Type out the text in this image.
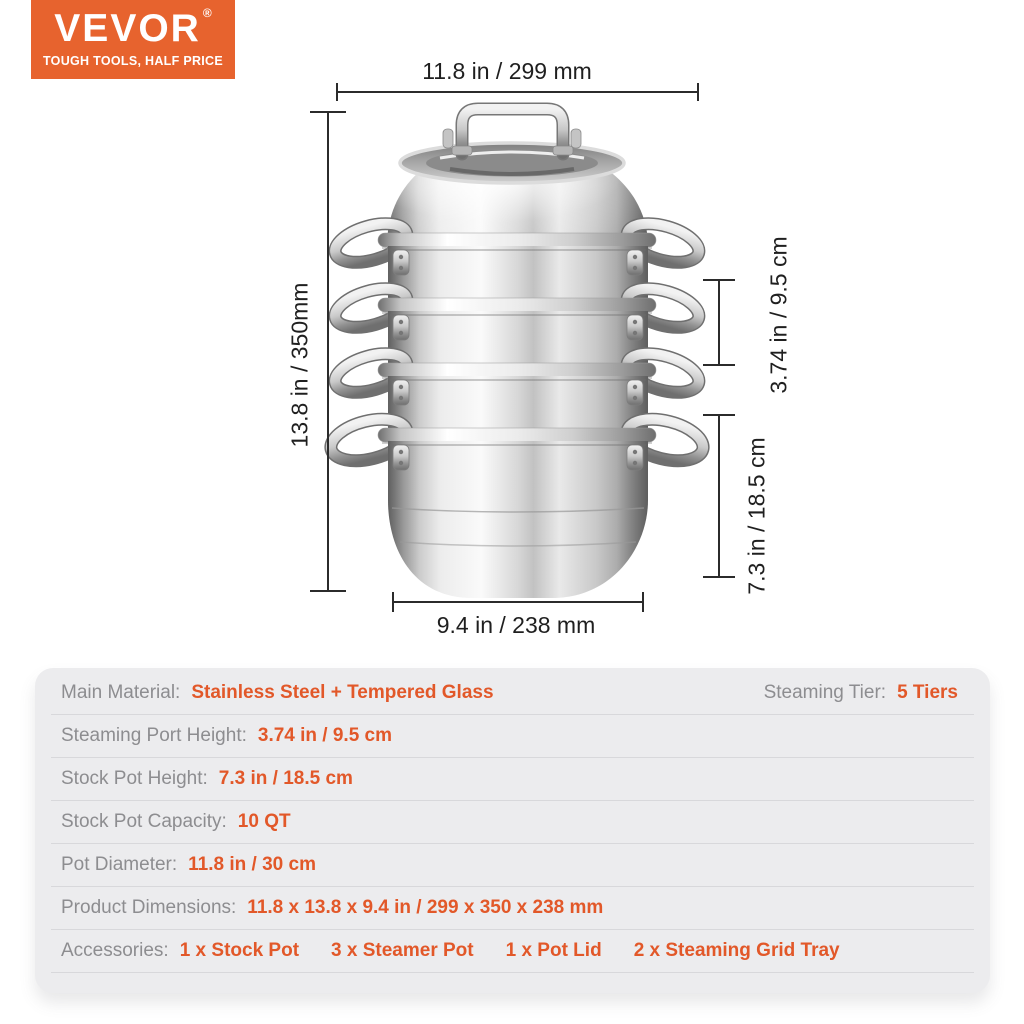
VEVOR ®
TOUGH TOOLS, HALF PRICE	11.8 in / 299 mm
13.8 in / 350mm	3.74 in / 9.5 cm
7.3 in / 18.5 cm
9.4 in / 238 mm
Main Material: Stainless Steel + Tempered Glass	Steaming Tier: 5 Tiers
Steaming Port Height: 3.74 in / 9.5 cm
Stock Pot Height: 7.3 in / 18.5 cm
Stock Pot Capacity: 10 QT
Pot Diameter: 11.8 in / 30 cm
Product Dimensions: 11.8 x 13.8 x 9.4 in / 299 x 350 x 238 mm
Accessories: 1 x Stock Pot 3 x Steamer Pot 1 x Pot Lid 2 x Steaming Grid Tray
